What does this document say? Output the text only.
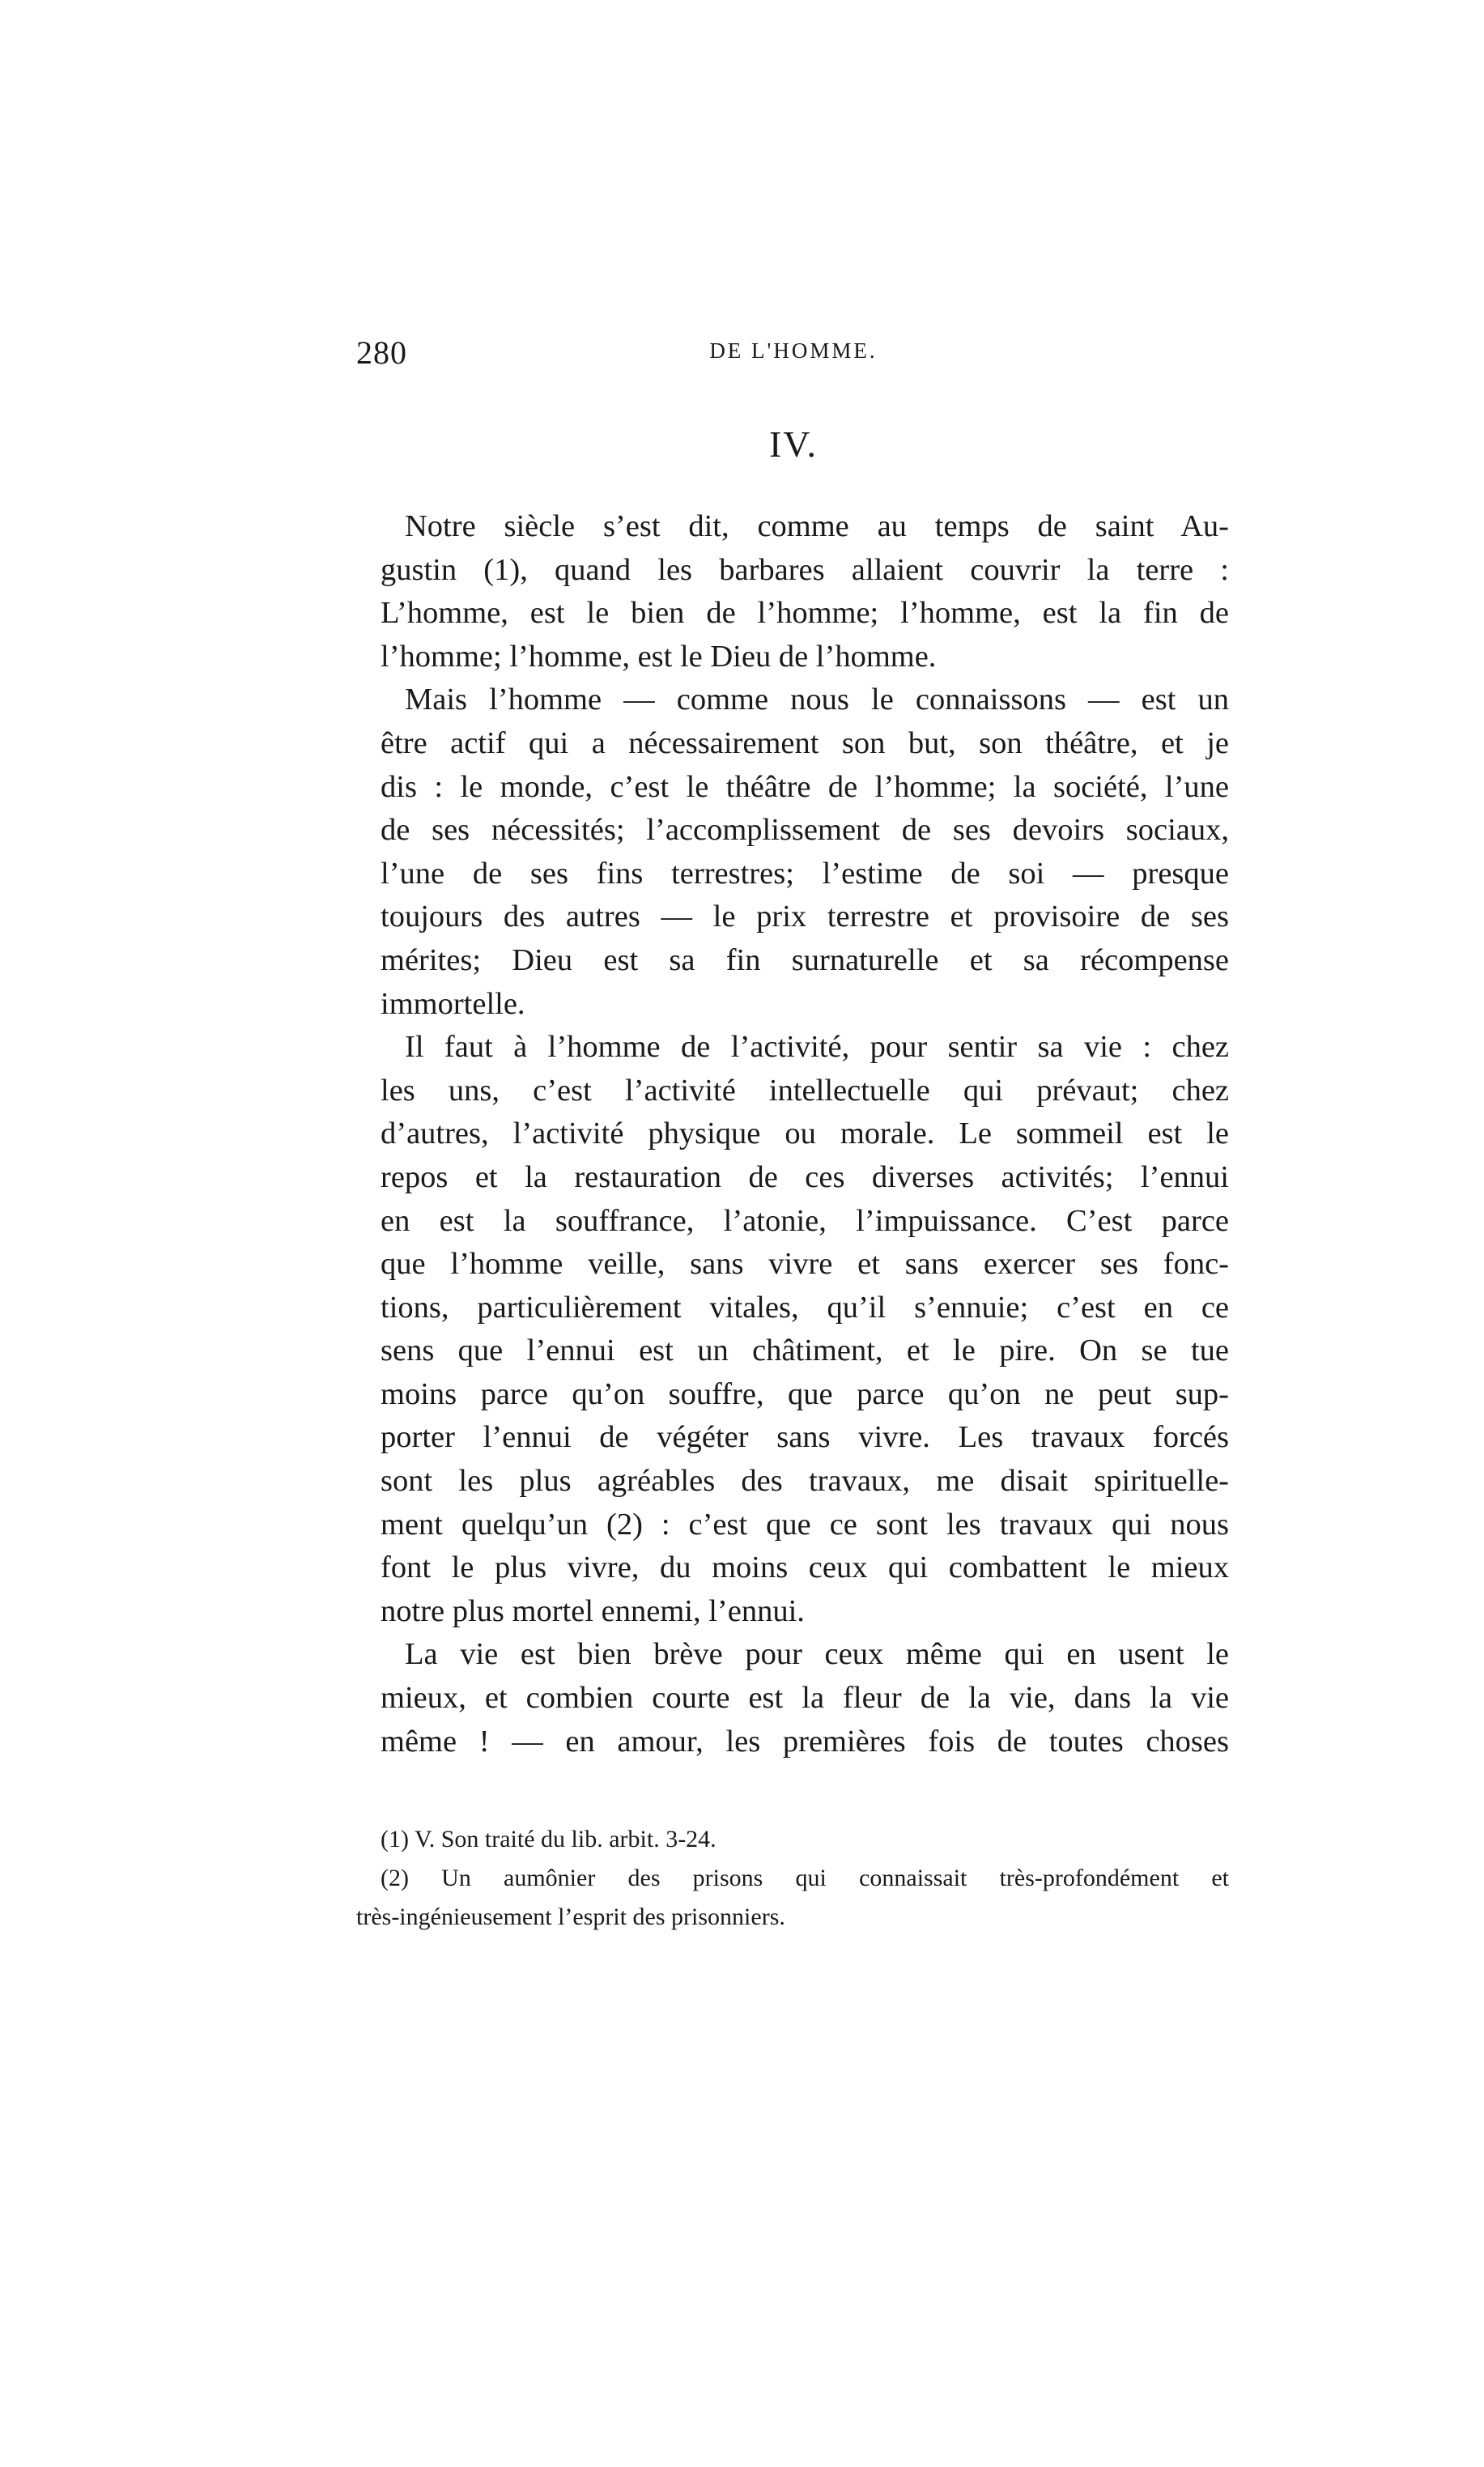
280	DE L'HOMME.
IV.

Notre siècle s’est dit, comme au temps de saint Au-
gustin (1), quand les barbares allaient couvrir la terre :
L’homme, est le bien de l’homme; l’homme, est la fin de
l’homme; l’homme, est le Dieu de l’homme.

Mais l’homme — comme nous le connaissons — est un
être actif qui a nécessairement son but, son théâtre, et je
dis : le monde, c’est le théâtre de l’homme; la société, l’une
de ses nécessités; l’accomplissement de ses devoirs sociaux,
l’une de ses fins terrestres; l’estime de soi — presque
toujours des autres — le prix terrestre et provisoire de ses
mérites; Dieu est sa fin surnaturelle et sa récompense
immortelle.

Il faut à l’homme de l’activité, pour sentir sa vie : chez
les uns, c’est l’activité intellectuelle qui prévaut; chez
d’autres, l’activité physique ou morale. Le sommeil est le
repos et la restauration de ces diverses activités; l’ennui
en est la souffrance, l’atonie, l’impuissance. C’est parce
que l’homme veille, sans vivre et sans exercer ses fonc-
tions, particulièrement vitales, qu’il s’ennuie; c’est en ce
sens que l’ennui est un châtiment, et le pire. On se tue
moins parce qu’on souffre, que parce qu’on ne peut sup-
porter l’ennui de végéter sans vivre. Les travaux forcés
sont les plus agréables des travaux, me disait spirituelle-
ment quelqu’un (2) : c’est que ce sont les travaux qui nous
font le plus vivre, du moins ceux qui combattent le mieux
notre plus mortel ennemi, l’ennui.

La vie est bien brève pour ceux même qui en usent le
mieux, et combien courte est la fleur de la vie, dans la vie
même ! — en amour, les premières fois de toutes choses

(1) V. Son traité du lib. arbit. 3-24.

(2) Un aumônier des prisons qui connaissait très-profondément et
très-ingénieusement l’esprit des prisonniers.
